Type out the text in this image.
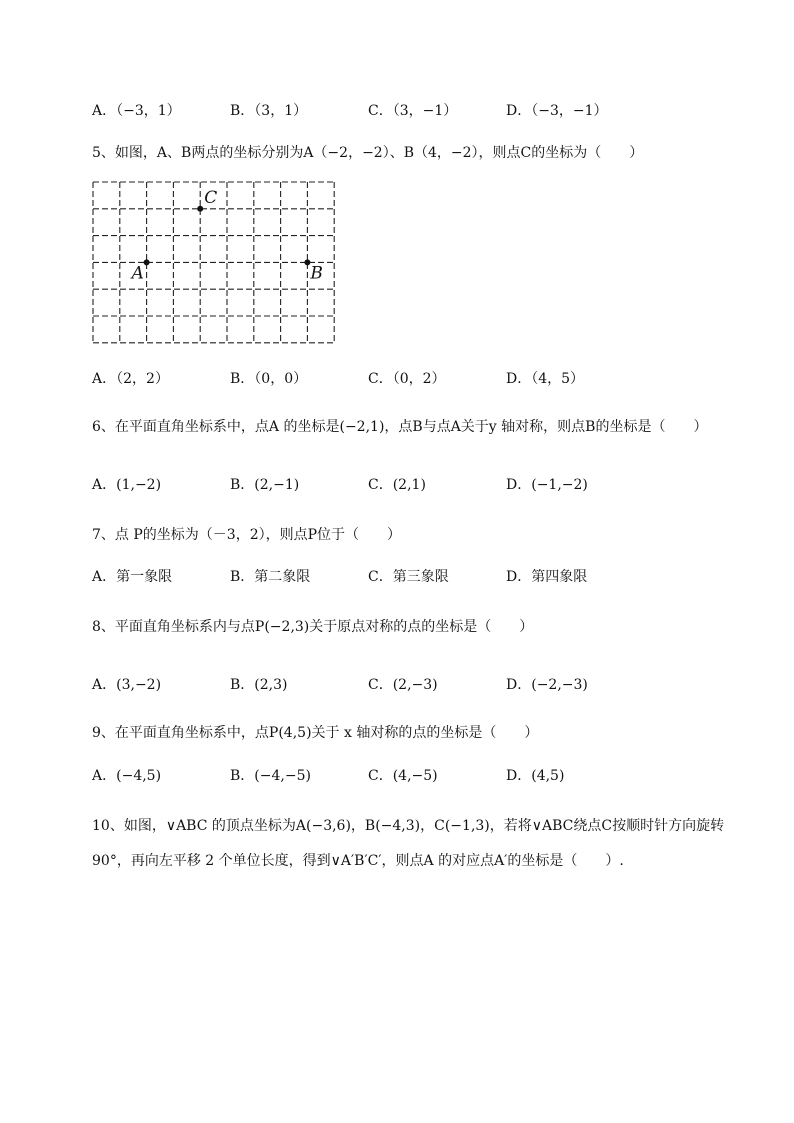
A．（−3，1）	B．（3，1）	C．（3，−1）	D．（−3，−1）
5、如图，A、B两点的坐标分别为A（−2，−2）、B（4，−2），则点C的坐标为（　　）
C
A	B
A．（2，2）	B．（0，0）	C．（0，2）	D．（4，5）
6、在平面直角坐标系中，点A 的坐标是(−2,1)，点B与点A关于y 轴对称，则点B的坐标是（　　）
A．(1,−2)	B．(2,−1)	C．(2,1)	D．(−1,−2)
7、点 P的坐标为（－3，2），则点P位于（　　）
A．第一象限	B．第二象限	C．第三象限	D．第四象限
8、平面直角坐标系内与点P(−2,3)关于原点对称的点的坐标是（　　）
A．(3,−2)	B．(2,3)	C．(2,−3)	D．(−2,−3)
9、在平面直角坐标系中，点P(4,5)关于 x 轴对称的点的坐标是（　　）
A．(−4,5)	B．(−4,−5)	C．(4,−5)	D．(4,5)
10、如图，∨ABC 的顶点坐标为A(−3,6)，B(−4,3)，C(−1,3)，若将∨ABC绕点C按顺时针方向旋转
90°，再向左平移 2 个单位长度，得到∨A′B′C′，则点A 的对应点A′的坐标是（　　）.
